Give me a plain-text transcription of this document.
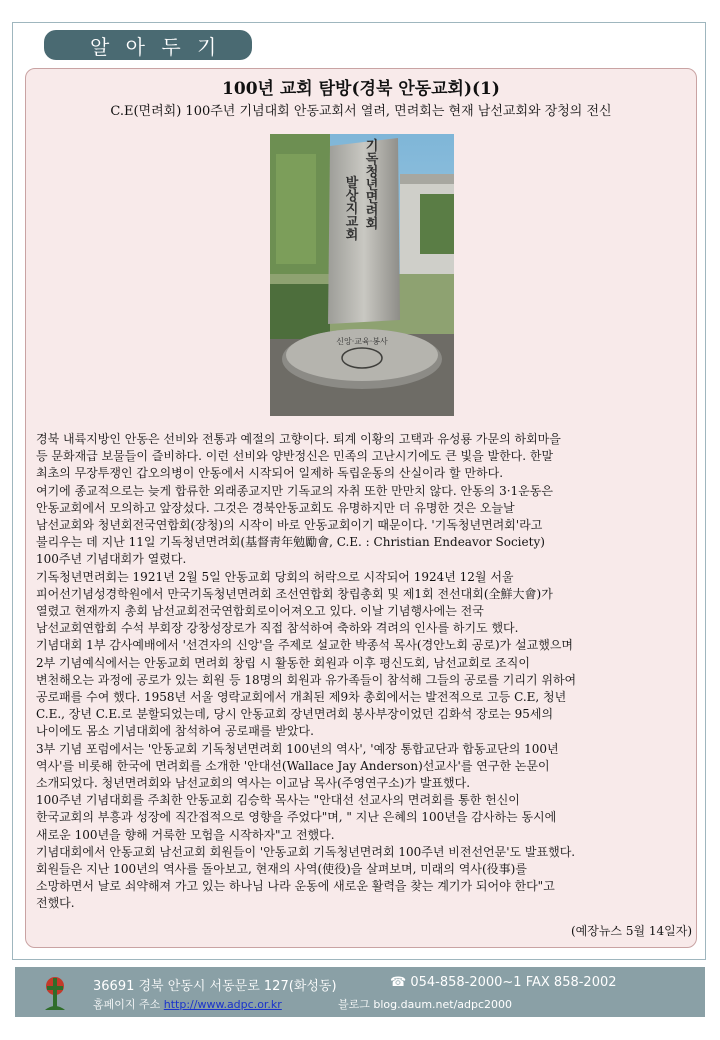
알 아 두 기
100년 교회 탐방(경북 안동교회)(1)
C.E(면려회) 100주년 기념대회 안동교회서 열려, 면려회는 현재 남선교회와 장청의 전신
기독청년면려회
발상지교회
신앙·교육·봉사
경북 내륙지방인 안동은 선비와 전통과 예절의 고향이다. 퇴계 이황의 고택과 유성룡 가문의 하회마을
등 문화재급 보물들이 즐비하다. 이런 선비와 양반정신은 민족의 고난시기에도 큰 빛을 발한다. 한말
최초의 무장투쟁인 갑오의병이 안동에서 시작되어 일제하 독립운동의 산실이라 할 만하다.
여기에 종교적으로는 늦게 합류한 외래종교지만 기독교의 자취 또한 만만치 않다. 안동의 3·1운동은
안동교회에서 모의하고 앞장섰다. 그것은 경북안동교회도 유명하지만 더 유명한 것은 오늘날
남선교회와 청년회전국연합회(장청)의 시작이 바로 안동교회이기 때문이다. '기독청년면려회'라고
불리우는 데 지난 11일 기독청년면려회(基督靑年勉勵會, C.E. : Christian Endeavor Society)
100주년 기념대회가 열렸다.
기독청년면려회는 1921년 2월 5일 안동교회 당회의 허락으로 시작되어 1924년 12월 서울
피어선기념성경학원에서 만국기독청년면려회 조선연합회 창립총회 및 제1회 전선대회(全鮮大會)가
열렸고 현재까지 총회 남선교회전국연합회로이어져오고 있다. 이날 기념행사에는 전국
남선교회연합회 수석 부회장 강창성장로가 직접 참석하여 축하와 격려의 인사를 하기도 했다.
기념대회 1부 감사예배에서 '선견자의 신앙'을 주제로 설교한 박종석 목사(경안노회 공로)가 설교했으며
2부 기념예식에서는 안동교회 면려회 창립 시 활동한 회원과 이후 평신도회, 남선교회로 조직이
변천해오는 과정에 공로가 있는 회원 등 18명의 회원과 유가족들이 참석해 그들의 공로를 기리기 위하여
공로패를 수여 했다. 1958년 서울 영락교회에서 개최된 제9차 총회에서는 발전적으로 고등 C.E, 청년
C.E., 장년 C.E.로 분할되었는데, 당시 안동교회 장년면려회 봉사부장이었던 김화석 장로는 95세의
나이에도 몸소 기념대회에 참석하여 공로패를 받았다.
3부 기념 포럼에서는 '안동교회 기독청년면려회 100년의 역사', '예장 통합교단과 합동교단의 100년
역사'를 비롯해 한국에 면려회를 소개한 '안대선(Wallace Jay Anderson)선교사'를 연구한 논문이
소개되었다. 청년면려회와 남선교회의 역사는 이교남 목사(주영연구소)가 발표했다.
100주년 기념대회를 주최한 안동교회 김승학 목사는 "안대선 선교사의 면려회를 통한 헌신이
한국교회의 부흥과 성장에 직간접적으로 영향을 주었다"며, " 지난 은혜의 100년을 감사하는 동시에
새로운 100년을 향해 거룩한 모험을 시작하자"고 전했다.
기념대회에서 안동교회 남선교회 회원들이 '안동교회 기독청년면려회 100주년 비전선언문'도 발표했다.
회원들은 지난 100년의 역사를 돌아보고, 현재의 사역(使役)을 살펴보며, 미래의 역사(役事)를
소망하면서 날로 쇠약해져 가고 있는 하나님 나라 운동에 새로운 활력을 찾는 계기가 되어야 한다"고
전했다.
(예장뉴스 5월 14일자)
36691 경북 안동시 서동문로 127(화성동)	☎ 054-858-2000~1 FAX 858-2002
홈페이지 주소 http://www.adpc.or.kr	블로그 blog.daum.net/adpc2000
